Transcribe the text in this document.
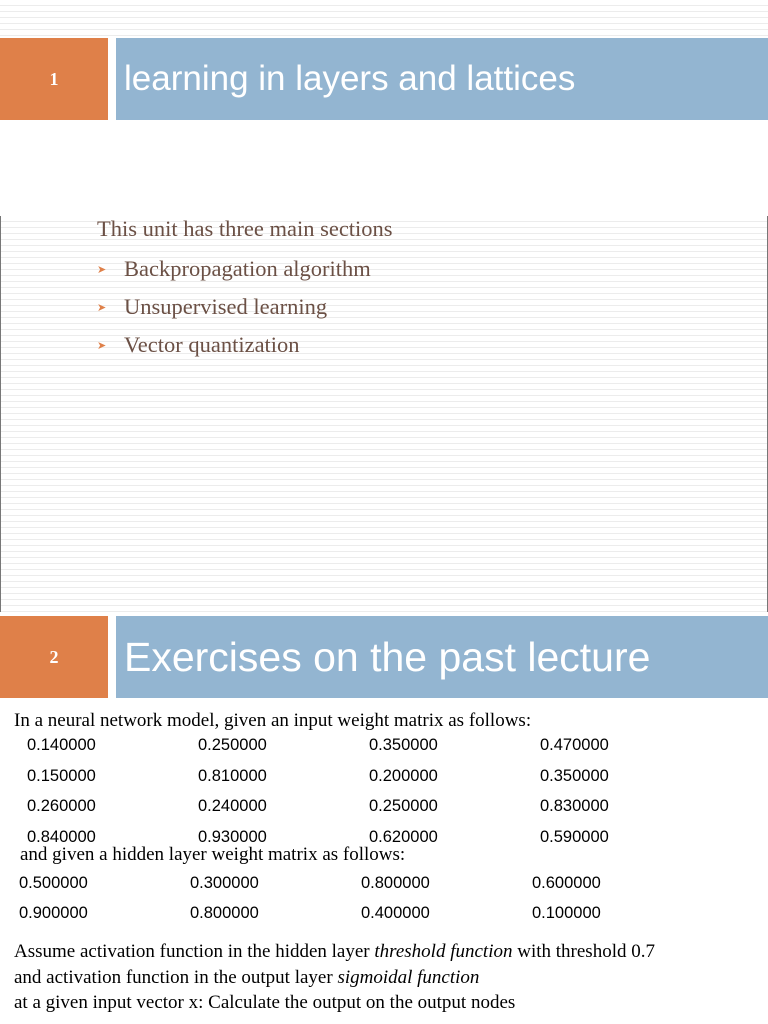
1	learning in layers and lattices
This unit has three main sections
➤ Backpropagation algorithm
➤ Unsupervised learning
➤ Vector quantization
2	Exercises on the past lecture
In a neural network model, given an input weight matrix as follows:
0.140000	0.250000	0.350000	0.470000
0.150000	0.810000	0.200000	0.350000
0.260000	0.240000	0.250000	0.830000
0.840000	0.930000	0.620000	0.590000
and given a hidden layer weight matrix as follows:
0.500000	0.300000	0.800000	0.600000
0.900000	0.800000	0.400000	0.100000
Assume activation function in the hidden layer threshold function with threshold 0.7
and activation function in the output layer sigmoidal function
at a given input vector x: Calculate the output on the output nodes
